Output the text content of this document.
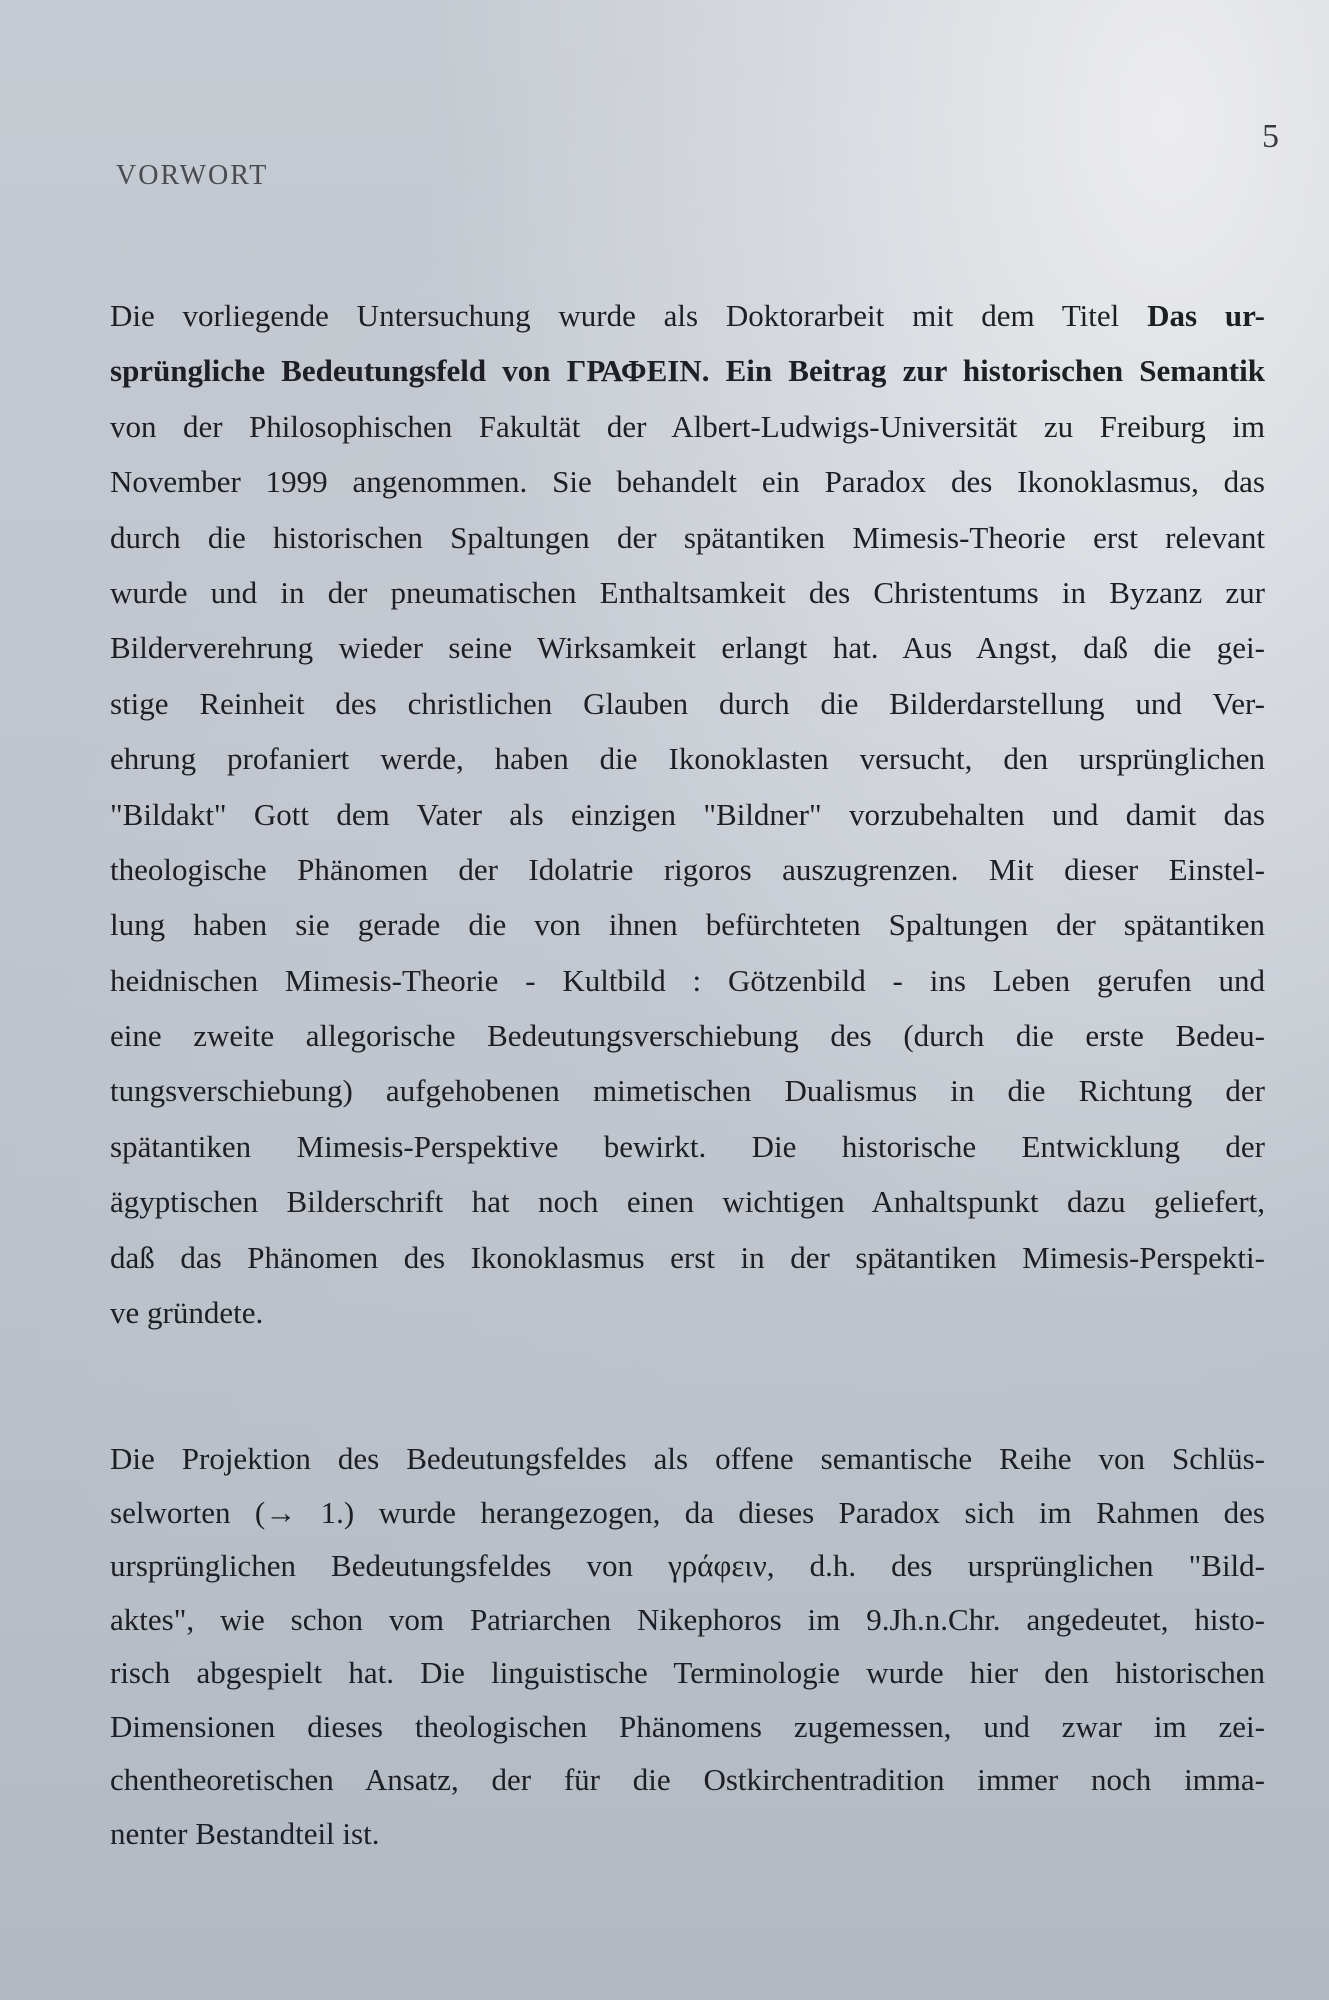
5
VORWORT
Die vorliegende Untersuchung wurde als Doktorarbeit mit dem Titel Das ur-
sprüngliche Bedeutungsfeld von ΓΡΑΦΕΙΝ. Ein Beitrag zur historischen Semantik
von der Philosophischen Fakultät der Albert-Ludwigs-Universität zu Freiburg im
November 1999 angenommen. Sie behandelt ein Paradox des Ikonoklasmus, das
durch die historischen Spaltungen der spätantiken Mimesis-Theorie erst relevant
wurde und in der pneumatischen Enthaltsamkeit des Christentums in Byzanz zur
Bilderverehrung wieder seine Wirksamkeit erlangt hat. Aus Angst, daß die gei-
stige Reinheit des christlichen Glauben durch die Bilderdarstellung und Ver-
ehrung profaniert werde, haben die Ikonoklasten versucht, den ursprünglichen
"Bildakt" Gott dem Vater als einzigen "Bildner" vorzubehalten und damit das
theologische Phänomen der Idolatrie rigoros auszugrenzen. Mit dieser Einstel-
lung haben sie gerade die von ihnen befürchteten Spaltungen der spätantiken
heidnischen Mimesis-Theorie - Kultbild : Götzenbild - ins Leben gerufen und
eine zweite allegorische Bedeutungsverschiebung des (durch die erste Bedeu-
tungsverschiebung) aufgehobenen mimetischen Dualismus in die Richtung der
spätantiken Mimesis-Perspektive bewirkt. Die historische Entwicklung der
ägyptischen Bilderschrift hat noch einen wichtigen Anhaltspunkt dazu geliefert,
daß das Phänomen des Ikonoklasmus erst in der spätantiken Mimesis-Perspekti-
ve gründete.
Die Projektion des Bedeutungsfeldes als offene semantische Reihe von Schlüs-
selworten (→ 1.) wurde herangezogen, da dieses Paradox sich im Rahmen des
ursprünglichen Bedeutungsfeldes von γράφειν, d.h. des ursprünglichen "Bild-
aktes", wie schon vom Patriarchen Nikephoros im 9.Jh.n.Chr. angedeutet, histo-
risch abgespielt hat. Die linguistische Terminologie wurde hier den historischen
Dimensionen dieses theologischen Phänomens zugemessen, und zwar im zei-
chentheoretischen Ansatz, der für die Ostkirchentradition immer noch imma-
nenter Bestandteil ist.
